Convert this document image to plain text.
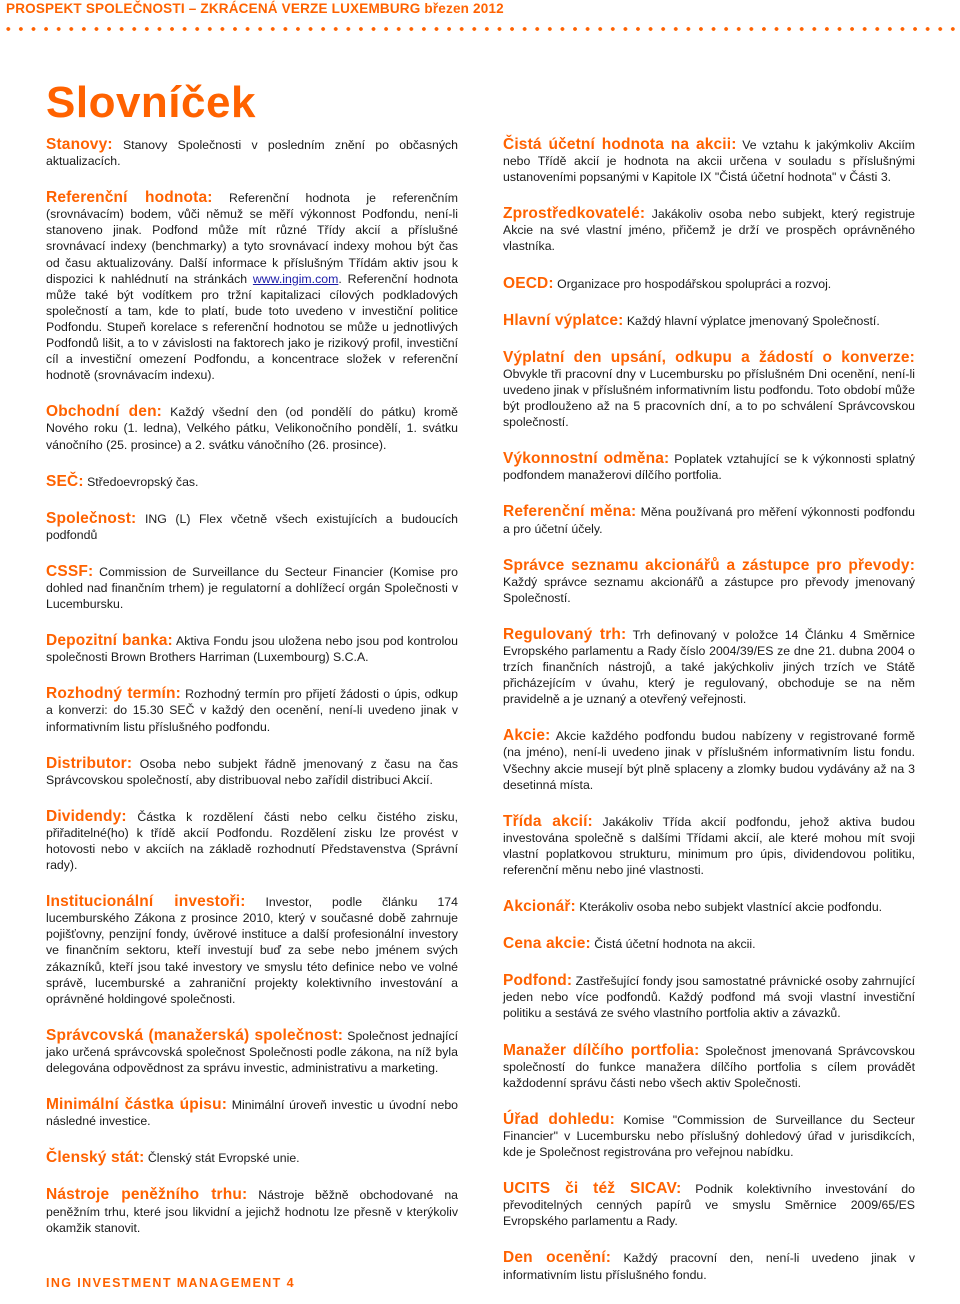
PROSPEKT SPOLEČNOSTI – ZKRÁCENÁ VERZE LUXEMBURG březen 2012
Slovníček

Stanovy: Stanovy Společnosti v posledním znění po občasných aktualizacích.

Referenční hodnota: Referenční hodnota je referenčním (srovnávacím) bodem, vůči němuž se měří výkonnost Podfondu, není-li stanoveno jinak. Podfond může mít různé Třídy akcií a příslušné srovnávací indexy (benchmarky) a tyto srovnávací indexy mohou být čas od času aktualizovány. Další informace k příslušným Třídám aktiv jsou k dispozici k nahlédnutí na stránkách www.ingim.com. Referenční hodnota může také být vodítkem pro tržní kapitalizaci cílových podkladových společností a tam, kde to platí, bude toto uvedeno v investiční politice Podfondu. Stupeň korelace s referenční hodnotou se může u jednotlivých Podfondů lišit, a to v závislosti na faktorech jako je rizikový profil, investiční cíl a investiční omezení Podfondu, a koncentrace složek v referenční hodnotě (srovnávacím indexu).

Obchodní den: Každý všední den (od pondělí do pátku) kromě Nového roku (1. ledna), Velkého pátku, Velikonočního pondělí, 1. svátku vánočního (25. prosince) a 2. svátku vánočního (26. prosince).

SEČ: Středoevropský čas.

Společnost: ING (L) Flex včetně všech existujících a budoucích podfondů

CSSF: Commission de Surveillance du Secteur Financier (Komise pro dohled nad finančním trhem) je regulatorní a dohlížecí orgán Společnosti v Lucembursku.

Depozitní banka: Aktiva Fondu jsou uložena nebo jsou pod kontrolou společnosti Brown Brothers Harriman (Luxembourg) S.C.A.

Rozhodný termín: Rozhodný termín pro přijetí žádosti o úpis, odkup a konverzi: do 15.30 SEČ v každý den ocenění, není-li uvedeno jinak v informativním listu příslušného podfondu.

Distributor: Osoba nebo subjekt řádně jmenovaný z času na čas Správcovskou společností, aby distribuoval nebo zařídil distribuci Akcií.

Dividendy: Částka k rozdělení části nebo celku čistého zisku, přiřaditelné(ho) k třídě akcií Podfondu. Rozdělení zisku lze provést v hotovosti nebo v akciích na základě rozhodnutí Představenstva (Správní rady).

Institucionální investoři: Investor, podle článku 174 lucemburského Zákona z prosince 2010, který v současné době zahrnuje pojišťovny, penzijní fondy, úvěrové instituce a další profesionální investory ve finančním sektoru, kteří investují buď za sebe nebo jménem svých zákazníků, kteří jsou také investory ve smyslu této definice nebo ve volné správě, lucemburské a zahraniční projekty kolektivního investování a oprávněné holdingové společnosti.

Správcovská (manažerská) společnost: Společnost jednající jako určená správcovská společnost Společnosti podle zákona, na níž byla delegována odpovědnost za správu investic, administrativu a marketing.

Minimální částka úpisu: Minimální úroveň investic u úvodní nebo následné investice.

Členský stát: Členský stát Evropské unie.

Nástroje peněžního trhu: Nástroje běžně obchodované na peněžním trhu, které jsou likvidní a jejichž hodnotu lze přesně v kterýkoliv okamžik stanovit.

Čistá účetní hodnota na akcii: Ve vztahu k jakýmkoliv Akciím nebo Třídě akcií je hodnota na akcii určena v souladu s příslušnými ustanoveními popsanými v Kapitole IX "Čistá účetní hodnota" v Části 3.

Zprostředkovatelé: Jakákoliv osoba nebo subjekt, který registruje Akcie na své vlastní jméno, přičemž je drží ve prospěch oprávněného vlastníka.

OECD: Organizace pro hospodářskou spolupráci a rozvoj.

Hlavní výplatce: Každý hlavní výplatce jmenovaný Společností.

Výplatní den upsání, odkupu a žádostí o konverze: Obvykle tři pracovní dny v Lucembursku po příslušném Dni ocenění, není-li uvedeno jinak v příslušném informativním listu podfondu. Toto období může být prodlouženo až na 5 pracovních dní, a to po schválení Správcovskou společností.

Výkonnostní odměna: Poplatek vztahující se k výkonnosti splatný podfondem manažerovi dílčího portfolia.

Referenční měna: Měna používaná pro měření výkonnosti podfondu a pro účetní účely.

Správce seznamu akcionářů a zástupce pro převody: Každý správce seznamu akcionářů a zástupce pro převody jmenovaný Společností.

Regulovaný trh: Trh definovaný v položce 14 Článku 4 Směrnice Evropského parlamentu a Rady číslo 2004/39/ES ze dne 21. dubna 2004 o trzích finančních nástrojů, a také jakýchkoliv jiných trzích ve Státě přicházejícím v úvahu, který je regulovaný, obchoduje se na něm pravidelně a je uznaný a otevřený veřejnosti.

Akcie: Akcie každého podfondu budou nabízeny v registrované formě (na jméno), není-li uvedeno jinak v příslušném informativním listu fondu. Všechny akcie musejí být plně splaceny a zlomky budou vydávány až na 3 desetinná místa.

Třída akcií: Jakákoliv Třída akcií podfondu, jehož aktiva budou investována společně s dalšími Třídami akcií, ale které mohou mít svoji vlastní poplatkovou strukturu, minimum pro úpis, dividendovou politiku, referenční měnu nebo jiné vlastnosti.

Akcionář: Kterákoliv osoba nebo subjekt vlastnící akcie podfondu.

Cena akcie: Čistá účetní hodnota na akcii.

Podfond: Zastřešující fondy jsou samostatné právnické osoby zahrnující jeden nebo více podfondů. Každý podfond má svoji vlastní investiční politiku a sestává ze svého vlastního portfolia aktiv a závazků.

Manažer dílčího portfolia: Společnost jmenovaná Správcovskou společností do funkce manažera dílčího portfolia s cílem provádět každodenní správu části nebo všech aktiv Společnosti.

Úřad dohledu: Komise "Commission de Surveillance du Secteur Financier" v Lucembursku nebo příslušný dohledový úřad v jurisdikcích, kde je Společnost registrována pro veřejnou nabídku.

UCITS či též SICAV: Podnik kolektivního investování do převoditelných cenných papírů ve smyslu Směrnice 2009/65/ES Evropského parlamentu a Rady.

Den ocenění: Každý pracovní den, není-li uvedeno jinak v informativním listu příslušného fondu.

ING INVESTMENT MANAGEMENT 4
